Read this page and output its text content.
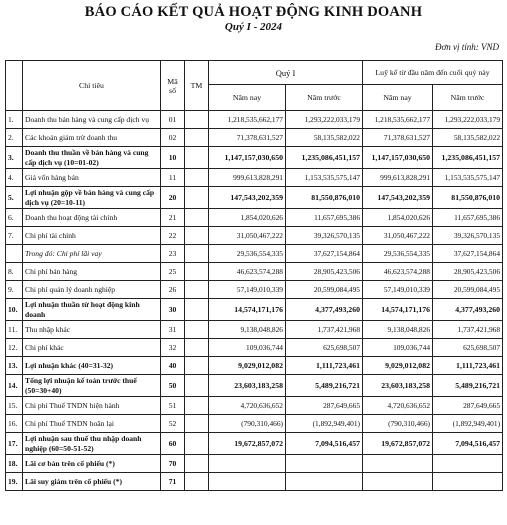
BÁO CÁO KẾT QUẢ HOẠT ĐỘNG KINH DOANH
Quý I - 2024
Đơn vị tính: VND
	Chỉ tiêu	Mã số	TM	Quý I		Luỹ kế từ đầu năm đến cuối quý này	
				Năm nay	Năm trước	Năm nay	Năm trước
1.	Doanh thu bán hàng và cung cấp dịch vụ	01		1,218,535,662,177	1,293,222,033,179	1,218,535,662,177	1,293,222,033,179
2.	Các khoản giảm trừ doanh thu	02		71,378,631,527	58,135,582,022	71,378,631,527	58,135,582,022
3.	Doanh thu thuần về bán hàng và cung cấp dịch vụ (10=01-02)	10		1,147,157,030,650	1,235,086,451,157	1,147,157,030,650	1,235,086,451,157
4.	Giá vốn hàng bán	11		999,613,828,291	1,153,535,575,147	999,613,828,291	1,153,535,575,147
5.	Lợi nhuận gộp về bán hàng và cung cấp dịch vụ (20=10-11)	20		147,543,202,359	81,550,876,010	147,543,202,359	81,550,876,010
6.	Doanh thu hoạt động tài chính	21		1,854,020,626	11,657,695,386	1,854,020,626	11,657,695,386
7.	Chi phí tài chính	22		31,050,467,222	39,326,570,135	31,050,467,222	39,326,570,135
	Trong đó: Chi phí lãi vay	23		29,536,554,335	37,627,154,864	29,536,554,335	37,627,154,864
8.	Chi phí bán hàng	25		46,623,574,288	28,905,423,506	46,623,574,288	28,905,423,506
9.	Chi phí quản lý doanh nghiệp	26		57,149,010,339	20,599,084,495	57,149,010,339	20,599,084,495
10.	Lợi nhuận thuần từ hoạt động kinh doanh	30		14,574,171,176	4,377,493,260	14,574,171,176	4,377,493,260
11.	Thu nhập khác	31		9,138,048,826	1,737,421,968	9,138,048,826	1,737,421,968
12.	Chi phí khác	32		109,036,744	625,698,507	109,036,744	625,698,507
13.	Lợi nhuận khác (40=31-32)	40		9,029,012,082	1,111,723,461	9,029,012,082	1,111,723,461
14.	Tổng lợi nhuận kế toán trước thuế (50=30+40)	50		23,603,183,258	5,489,216,721	23,603,183,258	5,489,216,721
15.	Chi phí Thuế TNDN hiện hành	51		4,720,636,652	287,649,665	4,720,636,652	287,649,665
16.	Chi phí Thuế TNDN hoãn lại	52		(790,310,466)	(1,892,949,401)	(790,310,466)	(1,892,949,401)
17.	Lợi nhuận sau thuế thu nhập doanh nghiệp (60=50-51-52)	60		19,672,857,072	7,094,516,457	19,672,857,072	7,094,516,457
18.	Lãi cơ bản trên cổ phiếu (*)	70					
19.	Lãi suy giảm trên cổ phiếu (*)	71					
